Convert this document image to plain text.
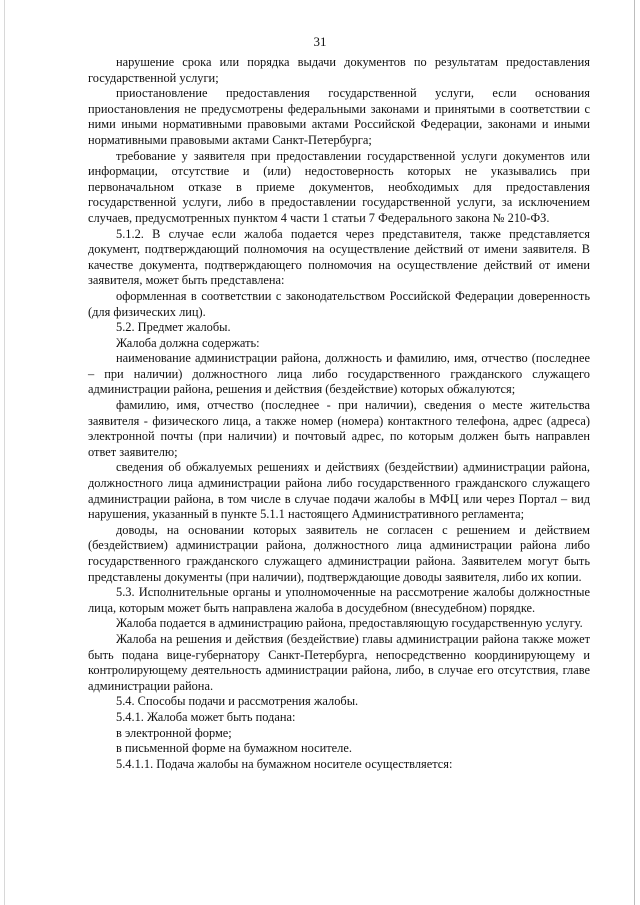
31

нарушение срока или порядка выдачи документов по результатам предоставления государственной услуги;

приостановление предоставления государственной услуги, если основания приостановления не предусмотрены федеральными законами и принятыми в соответствии с ними иными нормативными правовыми актами Российской Федерации, законами и иными нормативными правовыми актами Санкт-Петербурга;

требование у заявителя при предоставлении государственной услуги документов или информации, отсутствие и (или) недостоверность которых не указывались при первоначальном отказе в приеме документов, необходимых для предоставления государственной услуги, либо в предоставлении государственной услуги, за исключением случаев, предусмотренных пунктом 4 части 1 статьи 7 Федерального закона № 210-ФЗ.

5.1.2. В случае если жалоба подается через представителя, также представляется документ, подтверждающий полномочия на осуществление действий от имени заявителя. В качестве документа, подтверждающего полномочия на осуществление действий от имени заявителя, может быть представлена:

оформленная в соответствии с законодательством Российской Федерации доверенность (для физических лиц).

5.2. Предмет жалобы.

Жалоба должна содержать:

наименование администрации района, должность и фамилию, имя, отчество (последнее – при наличии) должностного лица либо государственного гражданского служащего администрации района, решения и действия (бездействие) которых обжалуются;

фамилию, имя, отчество (последнее - при наличии), сведения о месте жительства заявителя - физического лица, а также номер (номера) контактного телефона, адрес (адреса) электронной почты (при наличии) и почтовый адрес, по которым должен быть направлен ответ заявителю;

сведения об обжалуемых решениях и действиях (бездействии) администрации района, должностного лица администрации района либо государственного гражданского служащего администрации района, в том числе в случае подачи жалобы в МФЦ или через Портал – вид нарушения, указанный в пункте 5.1.1 настоящего Административного регламента;

доводы, на основании которых заявитель не согласен с решением и действием (бездействием) администрации района, должностного лица администрации района либо государственного гражданского служащего администрации района. Заявителем могут быть представлены документы (при наличии), подтверждающие доводы заявителя, либо их копии.

5.3. Исполнительные органы и уполномоченные на рассмотрение жалобы должностные лица, которым может быть направлена жалоба в досудебном (внесудебном) порядке.

Жалоба подается в администрацию района, предоставляющую государственную услугу.

Жалоба на решения и действия (бездействие) главы администрации района также может быть подана вице-губернатору Санкт-Петербурга, непосредственно координирующему и контролирующему деятельность администрации района, либо, в случае его отсутствия, главе администрации района.

5.4. Способы подачи и рассмотрения жалобы.

5.4.1. Жалоба может быть подана:

в электронной форме;

в письменной форме на бумажном носителе.

5.4.1.1. Подача жалобы на бумажном носителе осуществляется:
